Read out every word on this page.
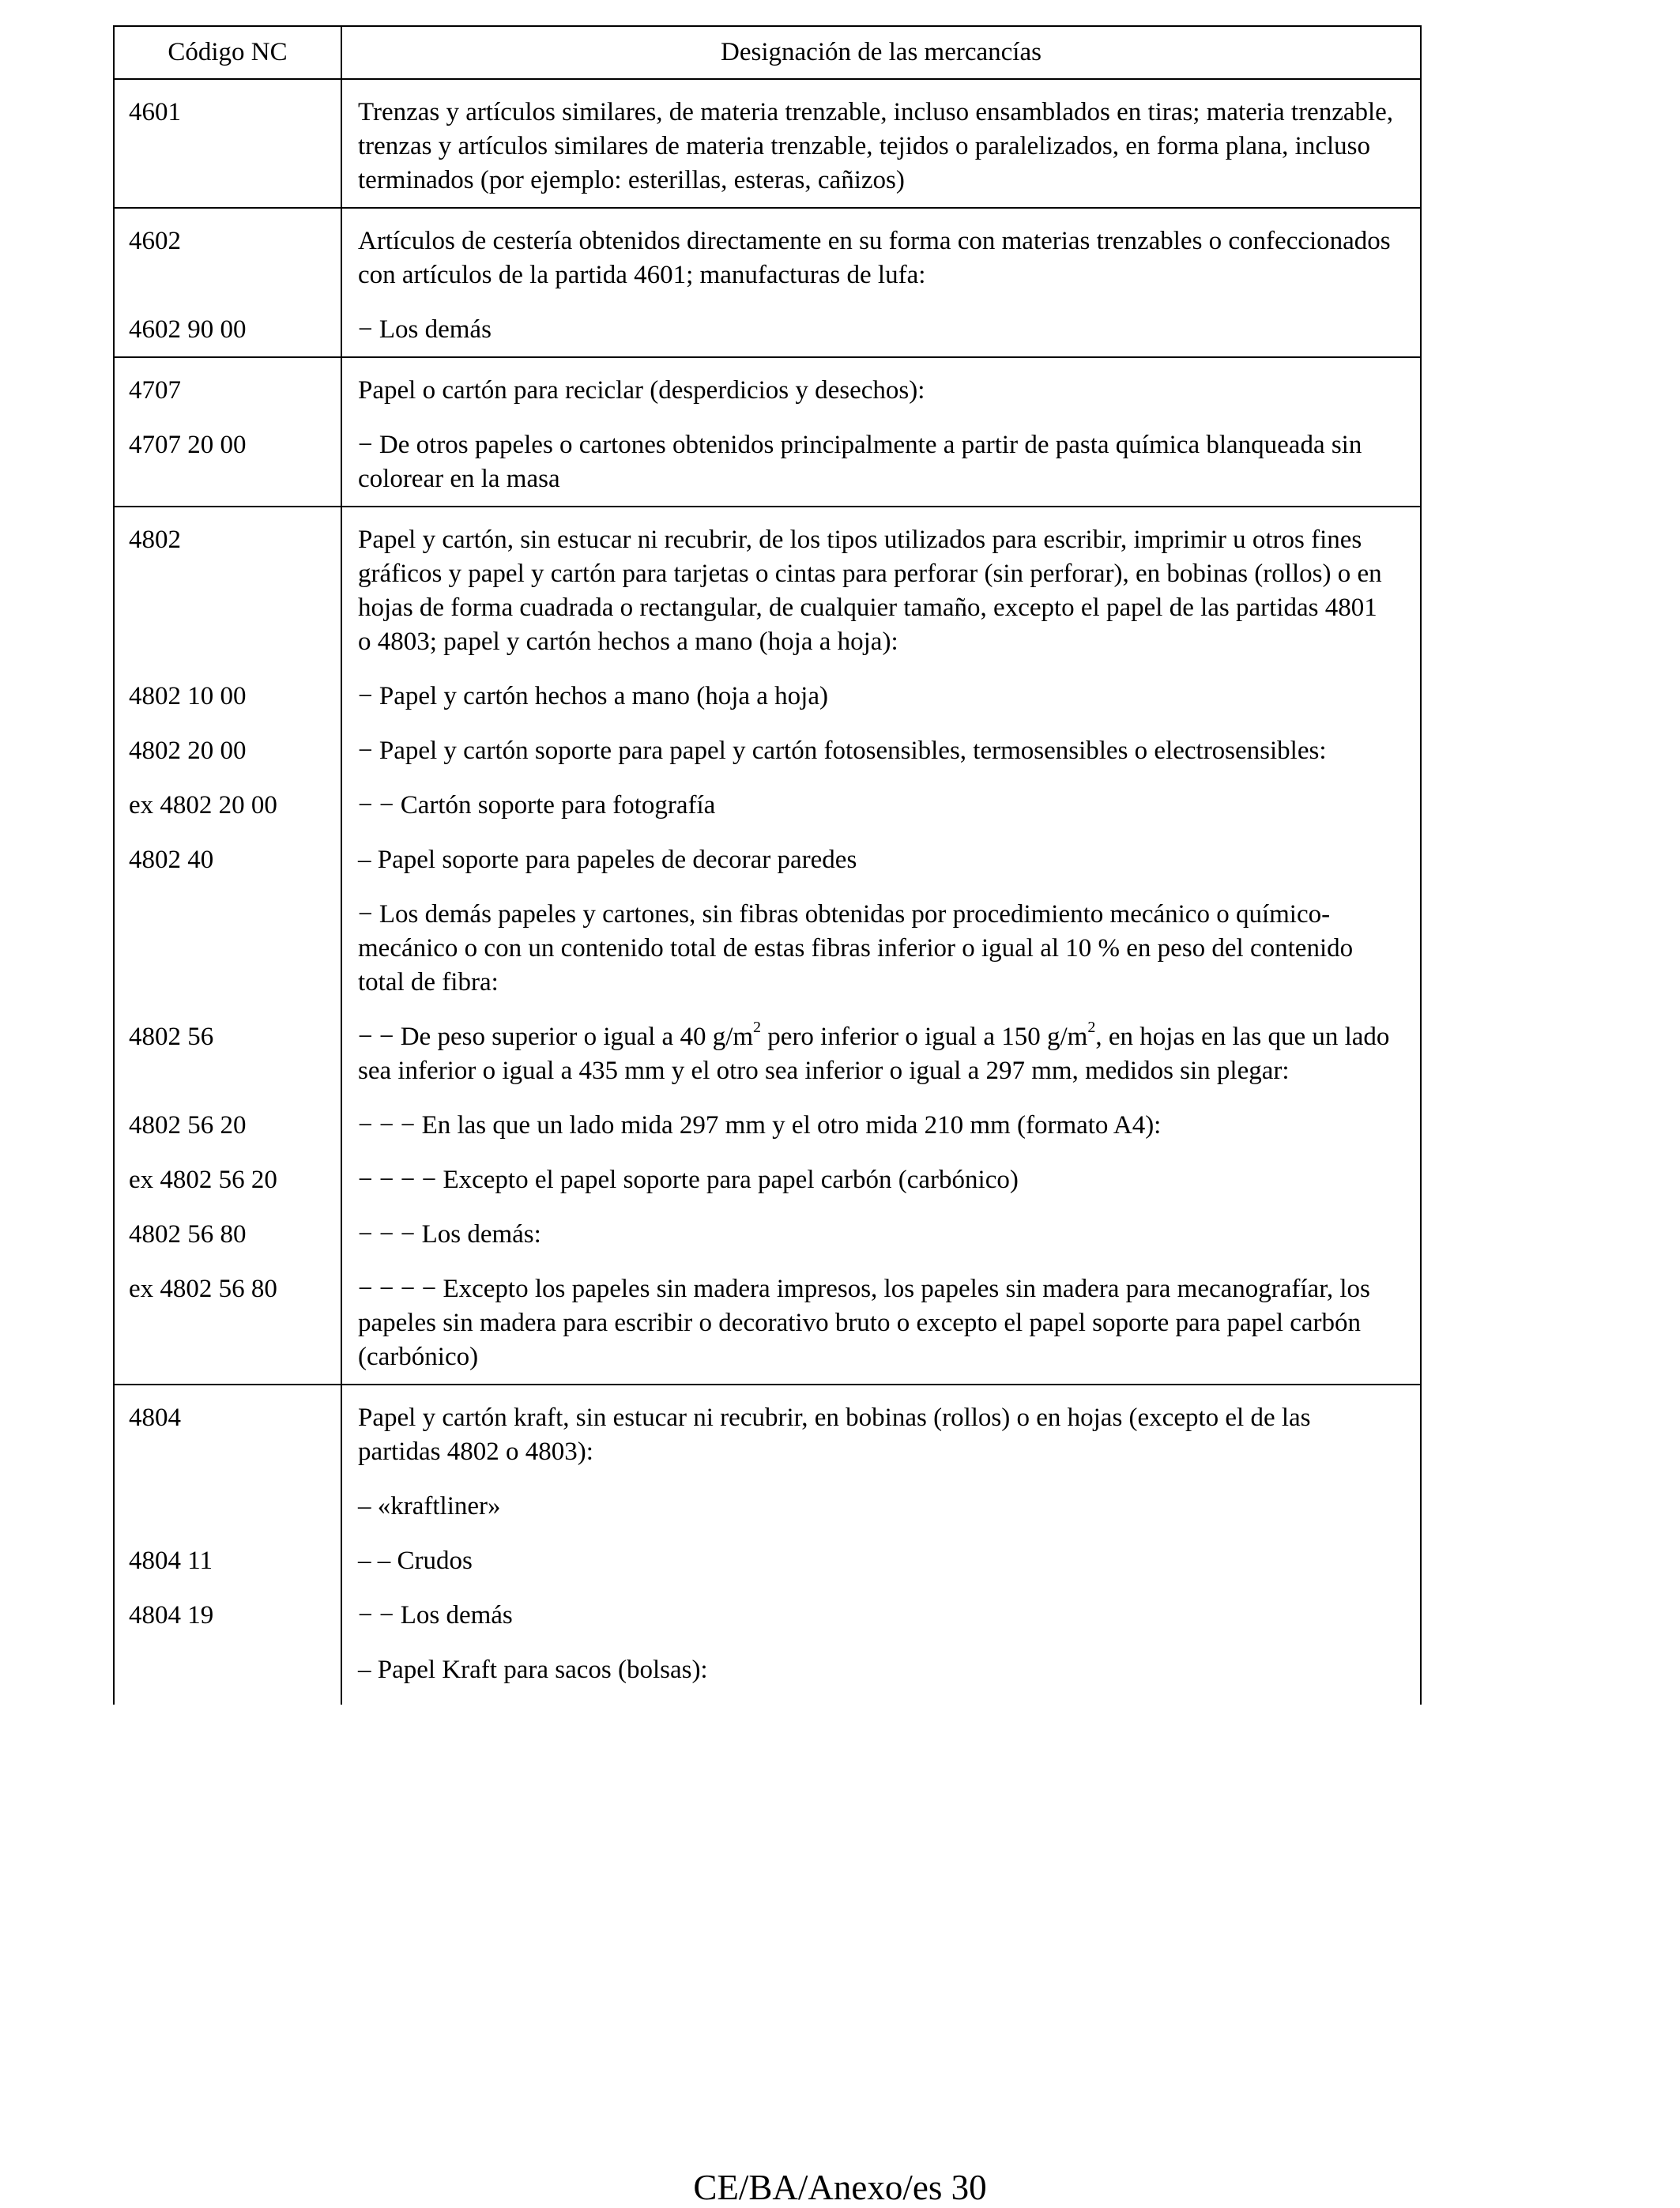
Código NC	Designación de las mercancías
4601	Trenzas y artículos similares, de materia trenzable, incluso ensamblados en tiras; materia trenzable, trenzas y artículos similares de materia trenzable, tejidos o paralelizados, en forma plana, incluso terminados (por ejemplo: esterillas, esteras, cañizos)
4602	Artículos de cestería obtenidos directamente en su forma con materias trenzables o confeccionados con artículos de la partida 4601; manufacturas de lufa:
4602 90 00	− Los demás
4707	Papel o cartón para reciclar (desperdicios y desechos):
4707 20 00	− De otros papeles o cartones obtenidos principalmente a partir de pasta química blanqueada sin colorear en la masa
4802	Papel y cartón, sin estucar ni recubrir, de los tipos utilizados para escribir, imprimir u otros fines gráficos y papel y cartón para tarjetas o cintas para perforar (sin perforar), en bobinas (rollos) o en hojas de forma cuadrada o rectangular, de cualquier tamaño, excepto el papel de las partidas 4801 o 4803; papel y cartón hechos a mano (hoja a hoja):
4802 10 00	− Papel y cartón hechos a mano (hoja a hoja)
4802 20 00	− Papel y cartón soporte para papel y cartón fotosensibles, termosensibles o electrosensibles:
ex 4802 20 00	− − Cartón soporte para fotografía
4802 40	– Papel soporte para papeles de decorar paredes
	− Los demás papeles y cartones, sin fibras obtenidas por procedimiento mecánico o químico-mecánico o con un contenido total de estas fibras inferior o igual al 10 % en peso del contenido total de fibra:
4802 56	− − De peso superior o igual a 40 $g/m^2$ pero inferior o igual a 150 $g/m^2$, en hojas en las que un lado sea inferior o igual a 435 mm y el otro sea inferior o igual a 297 mm, medidos sin plegar:
4802 56 20	− − − En las que un lado mida 297 mm y el otro mida 210 mm (formato A4):
ex 4802 56 20	− − − − Excepto el papel soporte para papel carbón (carbónico)
4802 56 80	− − − Los demás:
ex 4802 56 80	− − − − Excepto los papeles sin madera impresos, los papeles sin madera para mecanografíar, los papeles sin madera para escribir o decorativo bruto o excepto el papel soporte para papel carbón (carbónico)
4804	Papel y cartón kraft, sin estucar ni recubrir, en bobinas (rollos) o en hojas (excepto el de las partidas 4802 o 4803):
	– «kraftliner»
4804 11	– – Crudos
4804 19	− − Los demás
	– Papel Kraft para sacos (bolsas):
CE/BA/Anexo/es 30
